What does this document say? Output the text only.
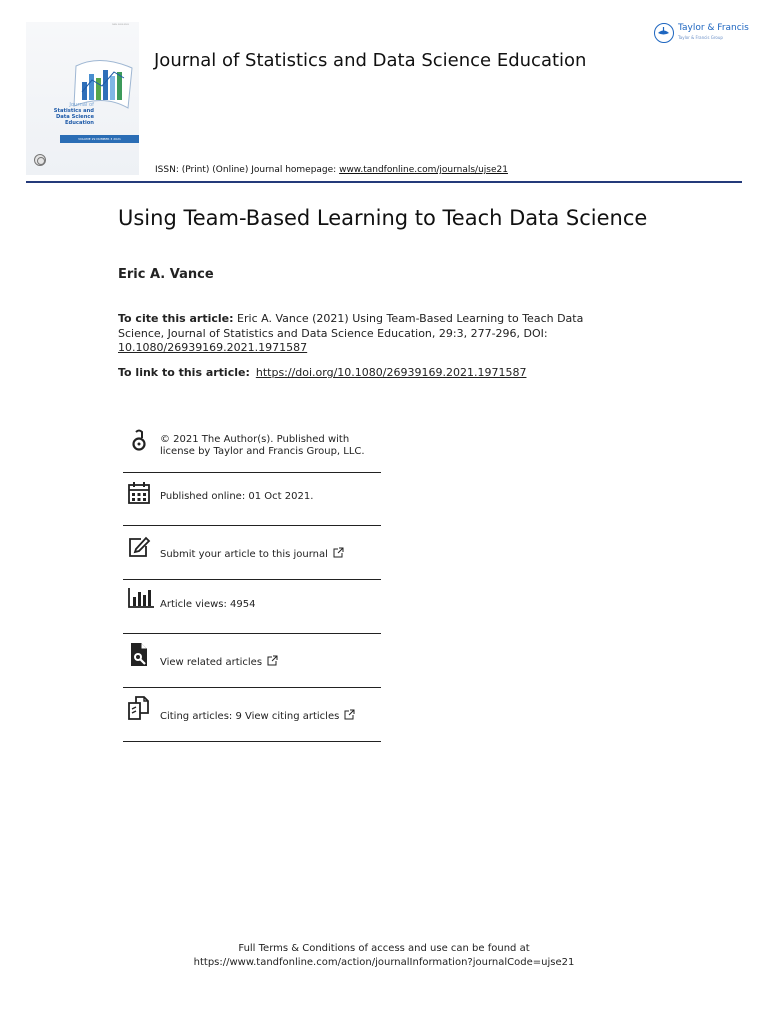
ISSN: 2693-9169
Journal of
Statistics and
Data Science
Education
VOLUME 29 NUMBER 3 2021
Journal of Statistics and Data Science Education
Taylor & Francis
Taylor & Francis Group
ISSN: (Print) (Online) Journal homepage: www.tandfonline.com/journals/ujse21
Using Team-Based Learning to Teach Data Science
Eric A. Vance
To cite this article: Eric A. Vance (2021) Using Team-Based Learning to Teach Data Science, Journal of Statistics and Data Science Education, 29:3, 277-296, DOI: 10.1080/26939169.2021.1971587
To link to this article: https://doi.org/10.1080/26939169.2021.1971587
© 2021 The Author(s). Published with
license by Taylor and Francis Group, LLC.
Published online: 01 Oct 2021.
Submit your article to this journal
Article views: 4954
View related articles
Citing articles: 9 View citing articles
Full Terms & Conditions of access and use can be found at
https://www.tandfonline.com/action/journalInformation?journalCode=ujse21
